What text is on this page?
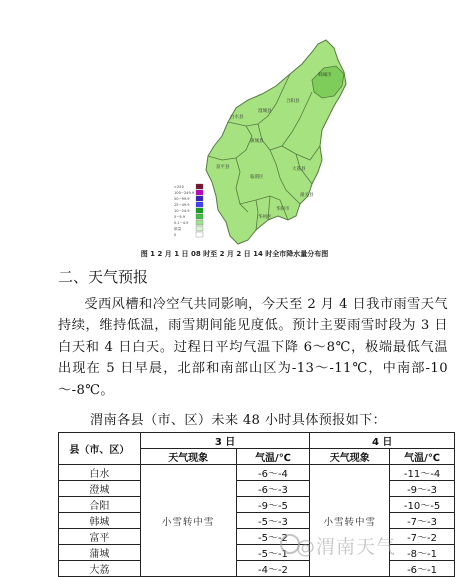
韩城市
白水县
澄城县
合阳县
蒲城县
富平县
临渭区
大荔县
华州区
华阴市
潼关县
>250
100~249.9
50~99.9
25~49.9
10~24.9
5~9.9
0.1~4.9
微量
0
图 1 2 月 1 日 08 时至 2 月 2 日 14 时全市降水量分布图
二、天气预报
受西风槽和冷空气共同影响，今天至 2 月 4 日我市雨雪天气持续，维持低温，雨雪期间能见度低。预计主要雨雪时段为 3 日白天和 4 日白天。过程日平均气温下降 6～8℃，极端最低气温出现在 5 日早晨，北部和南部山区为-13～-11℃，中南部-10～-8℃。
渭南各县（市、区）未来 48 小时具体预报如下：
县（市、区）	3 日		4 日	
	天气现象	气温/℃	天气现象	气温/℃
白水	小雪转中雪	-6～-4	小雪转中雪	-11～-4
澄城		-6～-3		-9～-3
合阳		-9～-5		-10～-5
韩城		-5～-3		-7～-3
富平		-5～-2		-7～-2
蒲城		-5～-1		-8～-1
大荔		-4～-2		-6～-1
@渭南天气
